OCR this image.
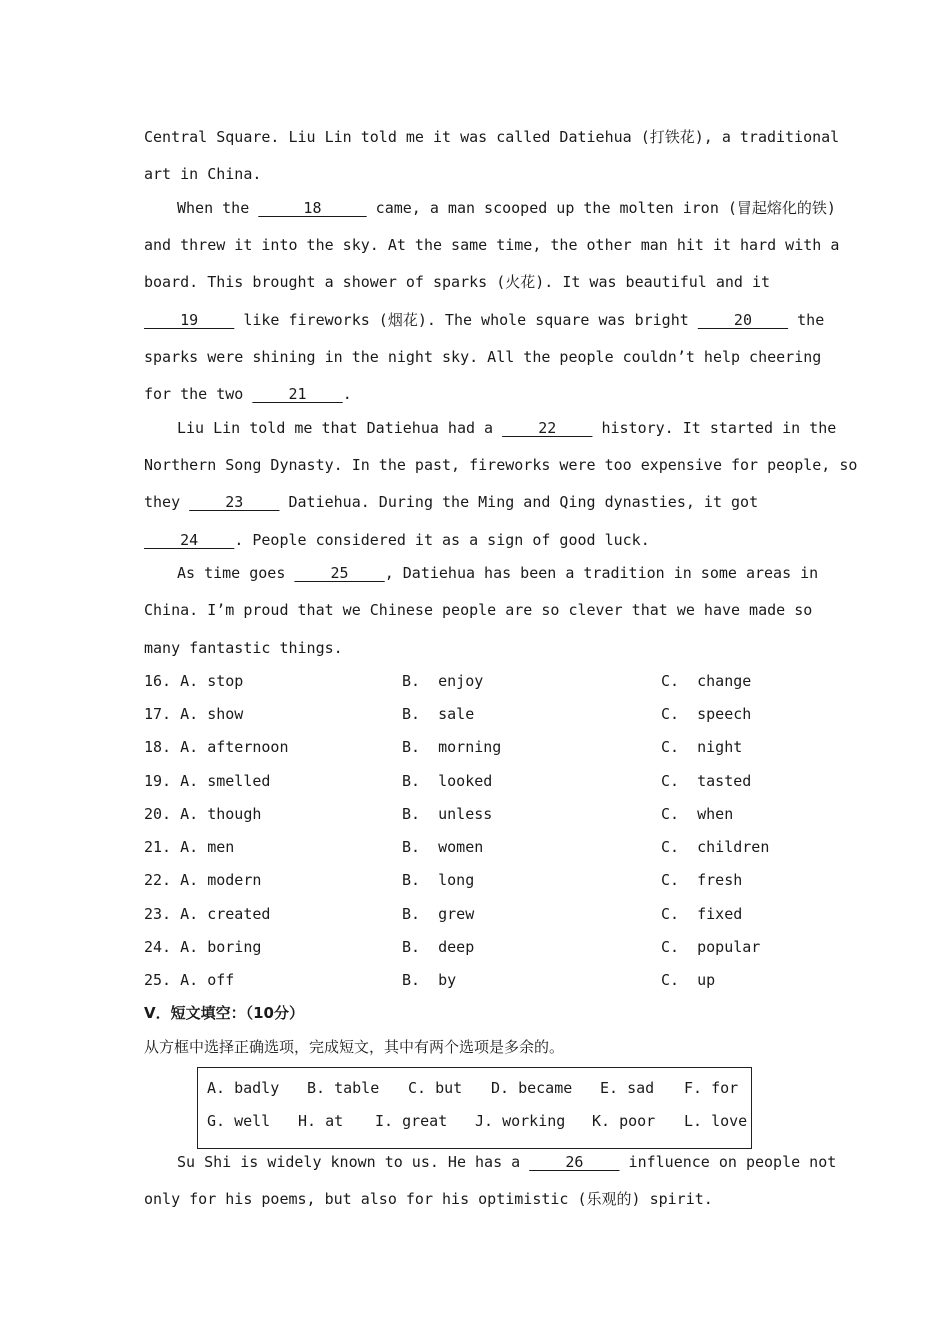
Central Square. Liu Lin told me it was called Datiehua (打铁花), a traditional
art in China.
When the      18      came, a man scooped up the molten iron (冒起熔化的铁)
and threw it into the sky. At the same time, the other man hit it hard with a
board. This brought a shower of sparks (火花). It was beautiful and it
19     like fireworks (烟花). The whole square was bright     20     the
sparks were shining in the night sky. All the people couldn’t help cheering
for the two     21    .
Liu Lin told me that Datiehua had a     22     history. It started in the
Northern Song Dynasty. In the past, fireworks were too expensive for people, so
they     23     Datiehua. During the Ming and Qing dynasties, it got
24    . People considered it as a sign of good luck.
As time goes     25    , Datiehua has been a tradition in some areas in
China. I’m proud that we Chinese people are so clever that we have made so
many fantastic things.
16. A. stop	B.  enjoy	C.  change
17. A. show	B.  sale	C.  speech
18. A. afternoon	B.  morning	C.  night
19. A. smelled	B.  looked	C.  tasted
20. A. though	B.  unless	C.  when
21. A. men	B.  women	C.  children
22. A. modern	B.  long	C.  fresh
23. A. created	B.  grew	C.  fixed
24. A. boring	B.  deep	C.  popular
25. A. off	B.  by	C.  up
V．短文填空：（10分）
从方框中选择正确选项，完成短文，其中有两个选项是多余的。
A. badly B. table C. but D. became E. sad F. for
G. well H. at I. great J. working K. poor L. love
Su Shi is widely known to us. He has a     26     influence on people not
only for his poems, but also for his optimistic (乐观的) spirit.
